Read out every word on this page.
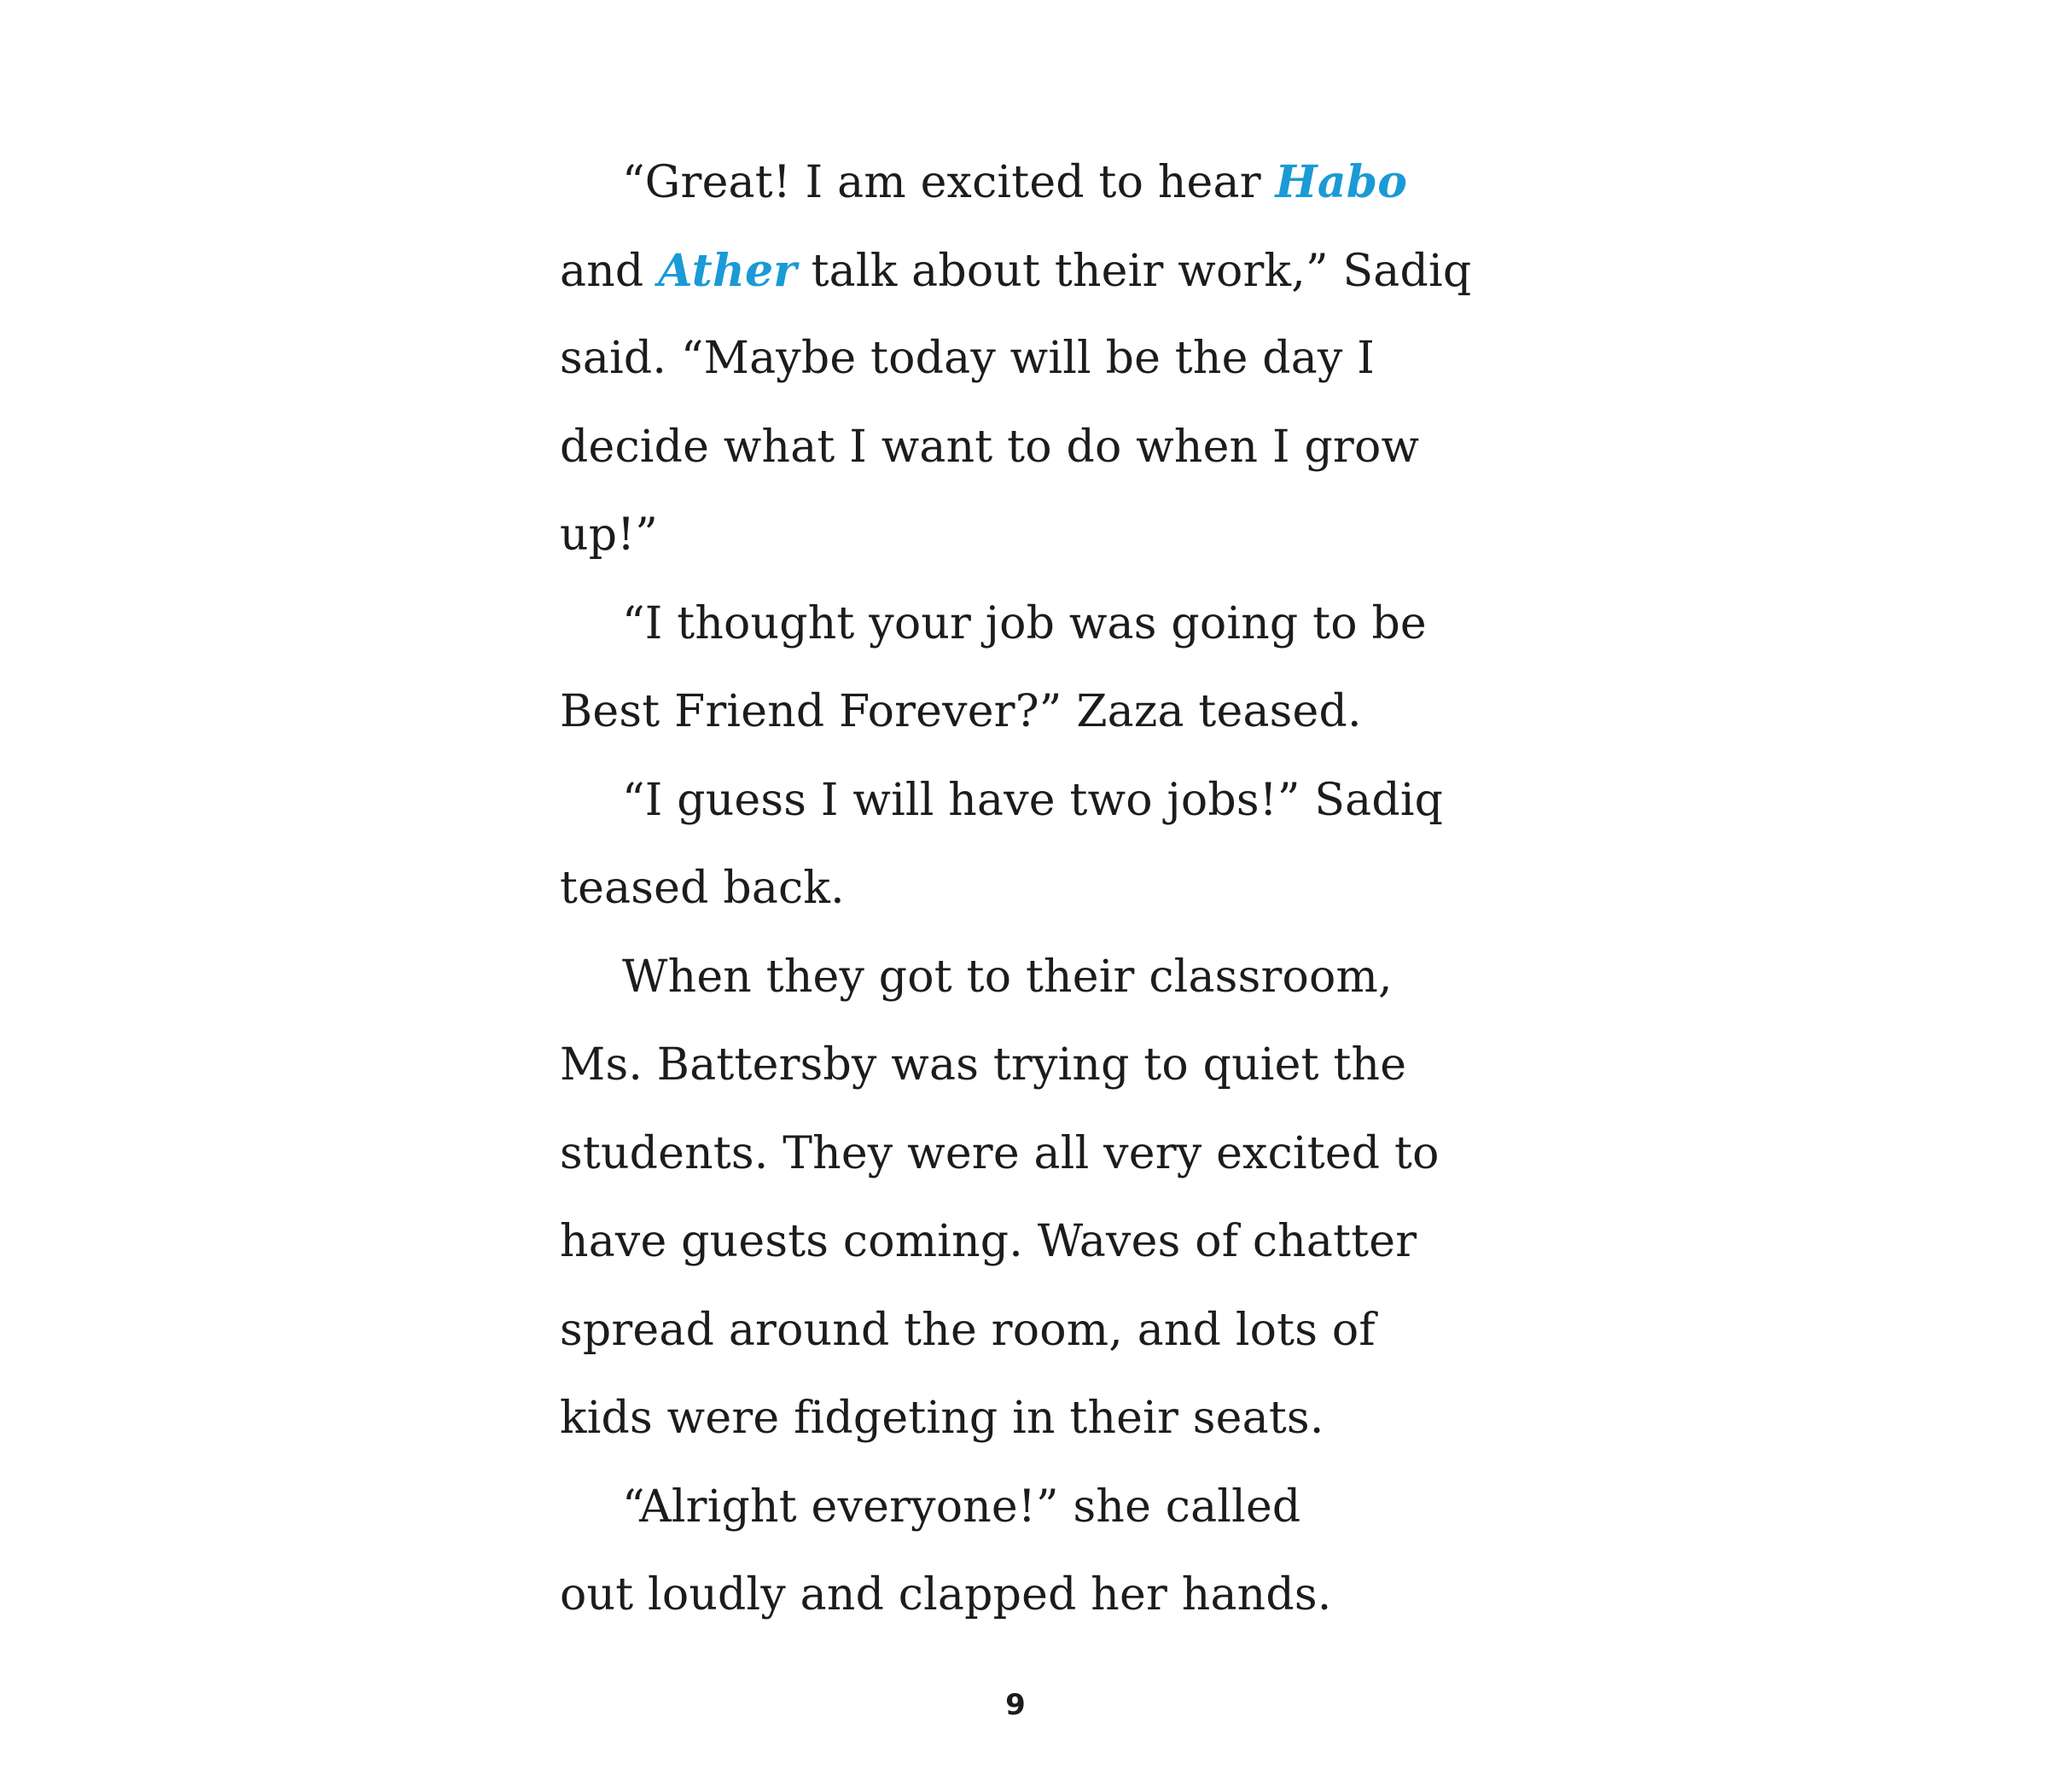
“Great! I am excited to hear Habo
and Ather talk about their work,” Sadiq
said. “Maybe today will be the day I
decide what I want to do when I grow
up!”
“I thought your job was going to be
Best Friend Forever?” Zaza teased.
“I guess I will have two jobs!” Sadiq
teased back.
When they got to their classroom,
Ms. Battersby was trying to quiet the
students. They were all very excited to
have guests coming. Waves of chatter
spread around the room, and lots of
kids were fidgeting in their seats.
“Alright everyone!” she called
out loudly and clapped her hands.
9
